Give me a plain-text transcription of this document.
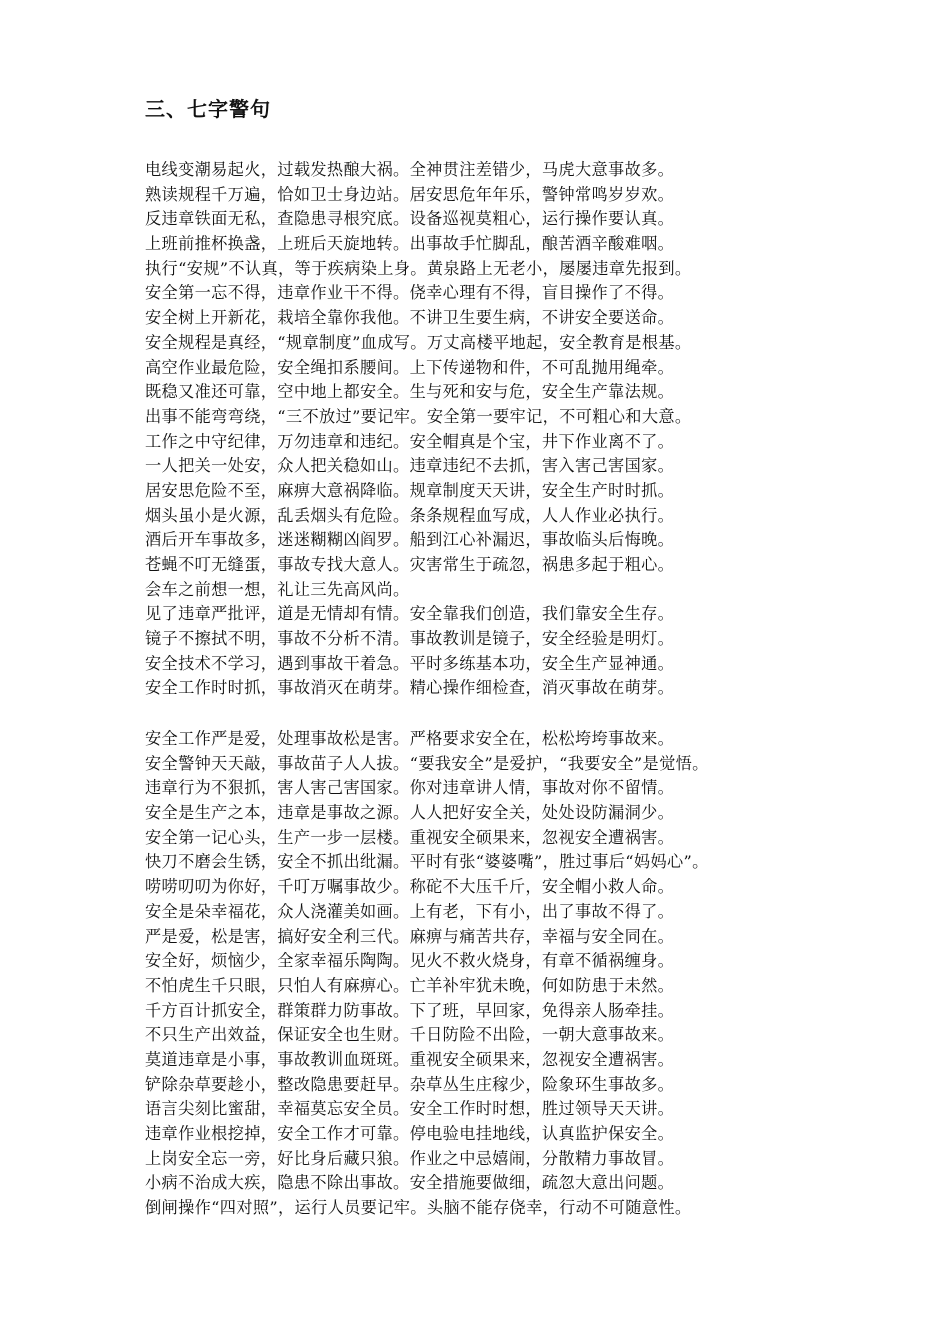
三、七字警句
电线变潮易起火，过载发热酿大祸。全神贯注差错少，马虎大意事故多。
熟读规程千万遍，恰如卫士身边站。居安思危年年乐，警钟常鸣岁岁欢。
反违章铁面无私，查隐患寻根究底。设备巡视莫粗心，运行操作要认真。
上班前推杯换盏，上班后天旋地转。出事故手忙脚乱，酿苦酒辛酸难咽。
执行“安规”不认真，等于疾病染上身。黄泉路上无老小，屡屡违章先报到。
安全第一忘不得，违章作业干不得。侥幸心理有不得，盲目操作了不得。
安全树上开新花，栽培全靠你我他。不讲卫生要生病，不讲安全要送命。
安全规程是真经，“规章制度”血成写。万丈高楼平地起，安全教育是根基。
高空作业最危险，安全绳扣系腰间。上下传递物和件，不可乱抛用绳牵。
既稳又准还可靠，空中地上都安全。生与死和安与危，安全生产靠法规。
出事不能弯弯绕，“三不放过”要记牢。安全第一要牢记，不可粗心和大意。
工作之中守纪律，万勿违章和违纪。安全帽真是个宝，井下作业离不了。
一人把关一处安，众人把关稳如山。违章违纪不去抓，害入害己害国家。
居安思危险不至，麻痹大意祸降临。规章制度天天讲，安全生产时时抓。
烟头虽小是火源，乱丢烟头有危险。条条规程血写成，人人作业必执行。
酒后开车事故多，迷迷糊糊凶阎罗。船到江心补漏迟，事故临头后悔晚。
苍蝇不叮无缝蛋，事故专找大意人。灾害常生于疏忽，祸患多起于粗心。
会车之前想一想，礼让三先高风尚。
见了违章严批评，道是无情却有情。安全靠我们创造，我们靠安全生存。
镜子不擦拭不明，事故不分析不清。事故教训是镜子，安全经验是明灯。
安全技术不学习，遇到事故干着急。平时多练基本功，安全生产显神通。
安全工作时时抓，事故消灭在萌芽。精心操作细检查，消灭事故在萌芽。
安全工作严是爱，处理事故松是害。严格要求安全在，松松垮垮事故来。
安全警钟天天敲，事故苗子人人拔。“要我安全”是爱护，“我要安全”是觉悟。
违章行为不狠抓，害人害己害国家。你对违章讲人情，事故对你不留情。
安全是生产之本，违章是事故之源。人人把好安全关，处处设防漏洞少。
安全第一记心头，生产一步一层楼。重视安全硕果来，忽视安全遭祸害。
快刀不磨会生锈，安全不抓出纰漏。平时有张“婆婆嘴”，胜过事后“妈妈心”。
唠唠叨叨为你好，千叮万嘱事故少。称砣不大压千斤，安全帽小救人命。
安全是朵幸福花，众人浇灌美如画。上有老，下有小，出了事故不得了。
严是爱，松是害，搞好安全利三代。麻痹与痛苦共存，幸福与安全同在。
安全好，烦恼少，全家幸福乐陶陶。见火不救火烧身，有章不循祸缠身。
不怕虎生千只眼，只怕人有麻痹心。亡羊补牢犹未晚，何如防患于未然。
千方百计抓安全，群策群力防事故。下了班，早回家，免得亲人肠牵挂。
不只生产出效益，保证安全也生财。千日防险不出险，一朝大意事故来。
莫道违章是小事，事故教训血斑斑。重视安全硕果来，忽视安全遭祸害。
铲除杂草要趁小，整改隐患要赶早。杂草丛生庄稼少，险象环生事故多。
语言尖刻比蜜甜，幸福莫忘安全员。安全工作时时想，胜过领导天天讲。
违章作业根挖掉，安全工作才可靠。停电验电挂地线，认真监护保安全。
上岗安全忘一旁，好比身后藏只狼。作业之中忌嬉闹，分散精力事故冒。
小病不治成大疾，隐患不除出事故。安全措施要做细，疏忽大意出问题。
倒闸操作“四对照”，运行人员要记牢。头脑不能存侥幸，行动不可随意性。
